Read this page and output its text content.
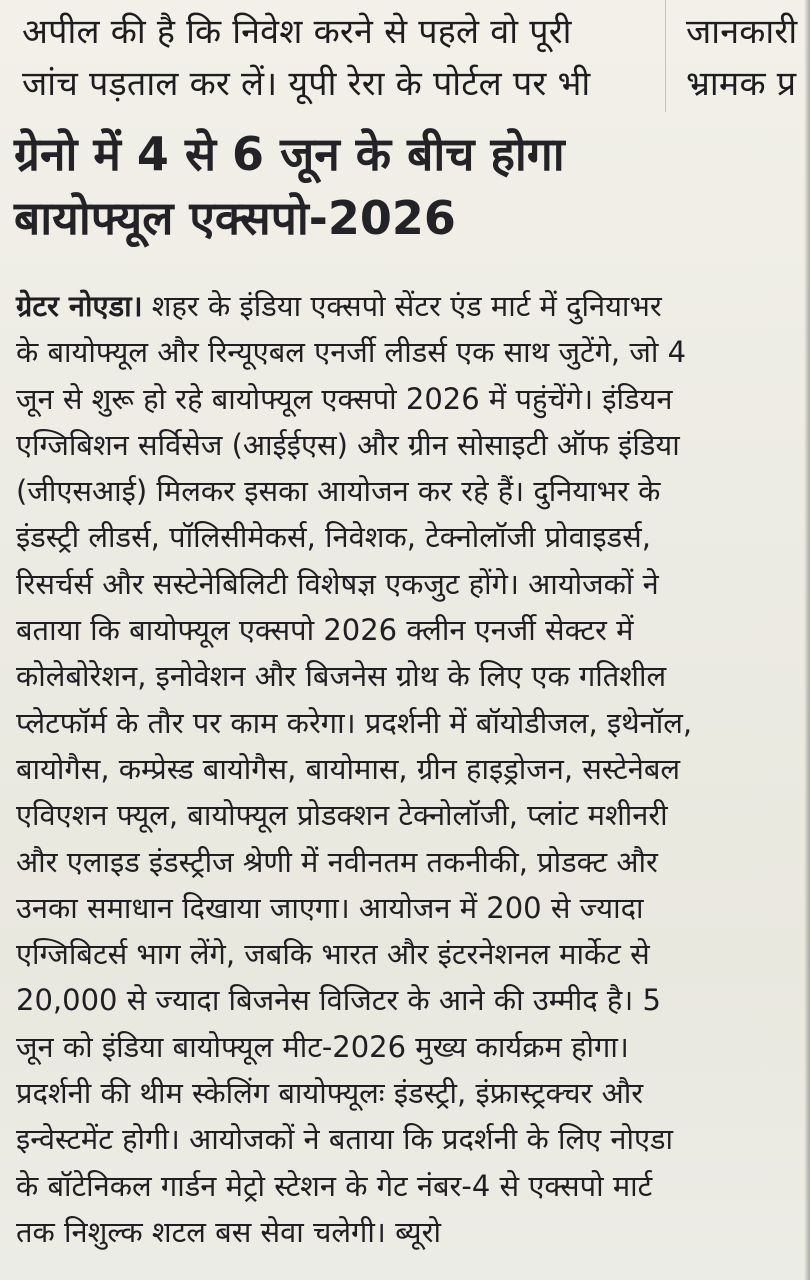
अपील की है कि निवेश करने से पहले वो पूरी
जांच पड़ताल कर लें। यूपी रेरा के पोर्टल पर भी
जानकारी
भ्रामक प्र
ग्रेनो में 4 से 6 जून के बीच होगा
बायोफ्यूल एक्सपो-2026
ग्रेटर नोएडा। शहर के इंडिया एक्सपो सेंटर एंड मार्ट में दुनियाभर
के बायोफ्यूल और रिन्यूएबल एनर्जी लीडर्स एक साथ जुटेंगे, जो 4
जून से शुरू हो रहे बायोफ्यूल एक्सपो 2026 में पहुंचेंगे। इंडियन
एग्जिबिशन सर्विसेज (आईईएस) और ग्रीन सोसाइटी ऑफ इंडिया
(जीएसआई) मिलकर इसका आयोजन कर रहे हैं। दुनियाभर के
इंडस्ट्री लीडर्स, पॉलिसीमेकर्स, निवेशक, टेक्नोलॉजी प्रोवाइडर्स,
रिसर्चर्स और सस्टेनेबिलिटी विशेषज्ञ एकजुट होंगे। आयोजकों ने
बताया कि बायोफ्यूल एक्सपो 2026 क्लीन एनर्जी सेक्टर में
कोलेबोरेशन, इनोवेशन और बिजनेस ग्रोथ के लिए एक गतिशील
प्लेटफॉर्म के तौर पर काम करेगा। प्रदर्शनी में बॉयोडीजल, इथेनॉल,
बायोगैस, कम्प्रेस्ड बायोगैस, बायोमास, ग्रीन हाइड्रोजन, सस्टेनेबल
एविएशन फ्यूल, बायोफ्यूल प्रोडक्शन टेक्नोलॉजी, प्लांट मशीनरी
और एलाइड इंडस्ट्रीज श्रेणी में नवीनतम तकनीकी, प्रोडक्ट और
उनका समाधान दिखाया जाएगा। आयोजन में 200 से ज्यादा
एग्जिबिटर्स भाग लेंगे, जबकि भारत और इंटरनेशनल मार्केट से
20,000 से ज्यादा बिजनेस विजिटर के आने की उम्मीद है। 5
जून को इंडिया बायोफ्यूल मीट-2026 मुख्य कार्यक्रम होगा।
प्रदर्शनी की थीम स्केलिंग बायोफ्यूलः इंडस्ट्री, इंफ्रास्ट्रक्चर और
इन्वेस्टमेंट होगी। आयोजकों ने बताया कि प्रदर्शनी के लिए नोएडा
के बॉटेनिकल गार्डन मेट्रो स्टेशन के गेट नंबर-4 से एक्सपो मार्ट
तक निशुल्क शटल बस सेवा चलेगी। ब्यूरो
